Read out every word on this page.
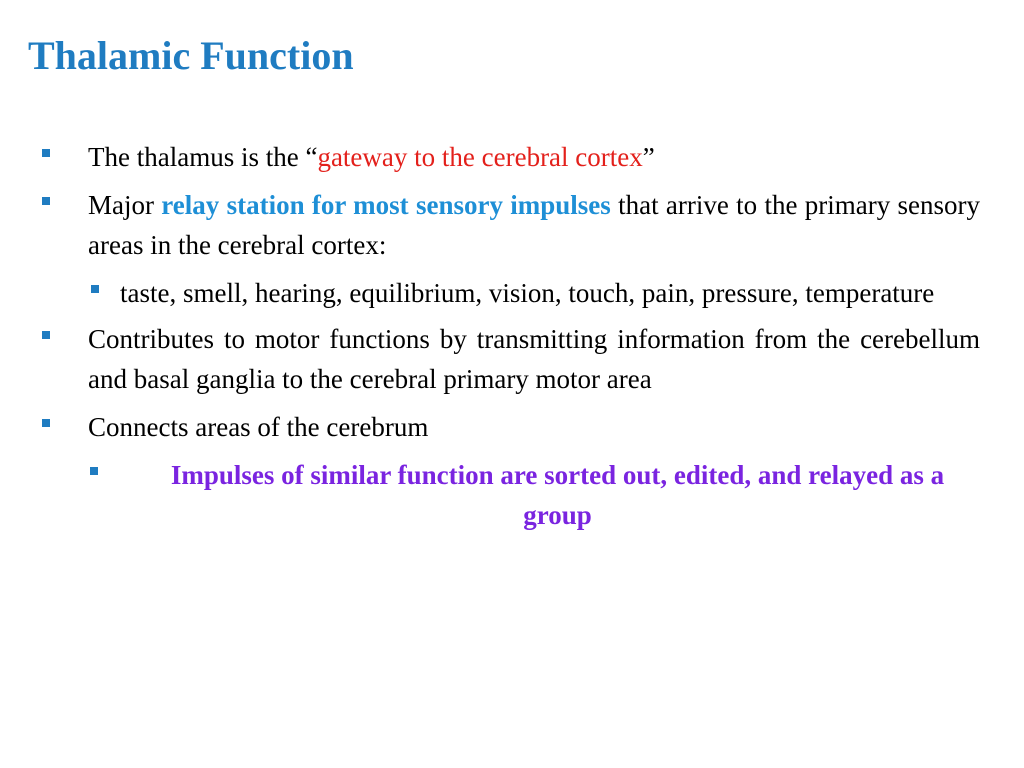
Thalamic Function
The thalamus is the “gateway to the cerebral cortex”
Major relay station for most sensory impulses that arrive to the primary sensory areas in the cerebral cortex:
taste, smell, hearing, equilibrium, vision, touch, pain, pressure, temperature
Contributes to motor functions by transmitting information from the cerebellum and basal ganglia to the cerebral primary motor area
Connects areas of the cerebrum
Impulses of similar function are sorted out, edited, and relayed as a group
